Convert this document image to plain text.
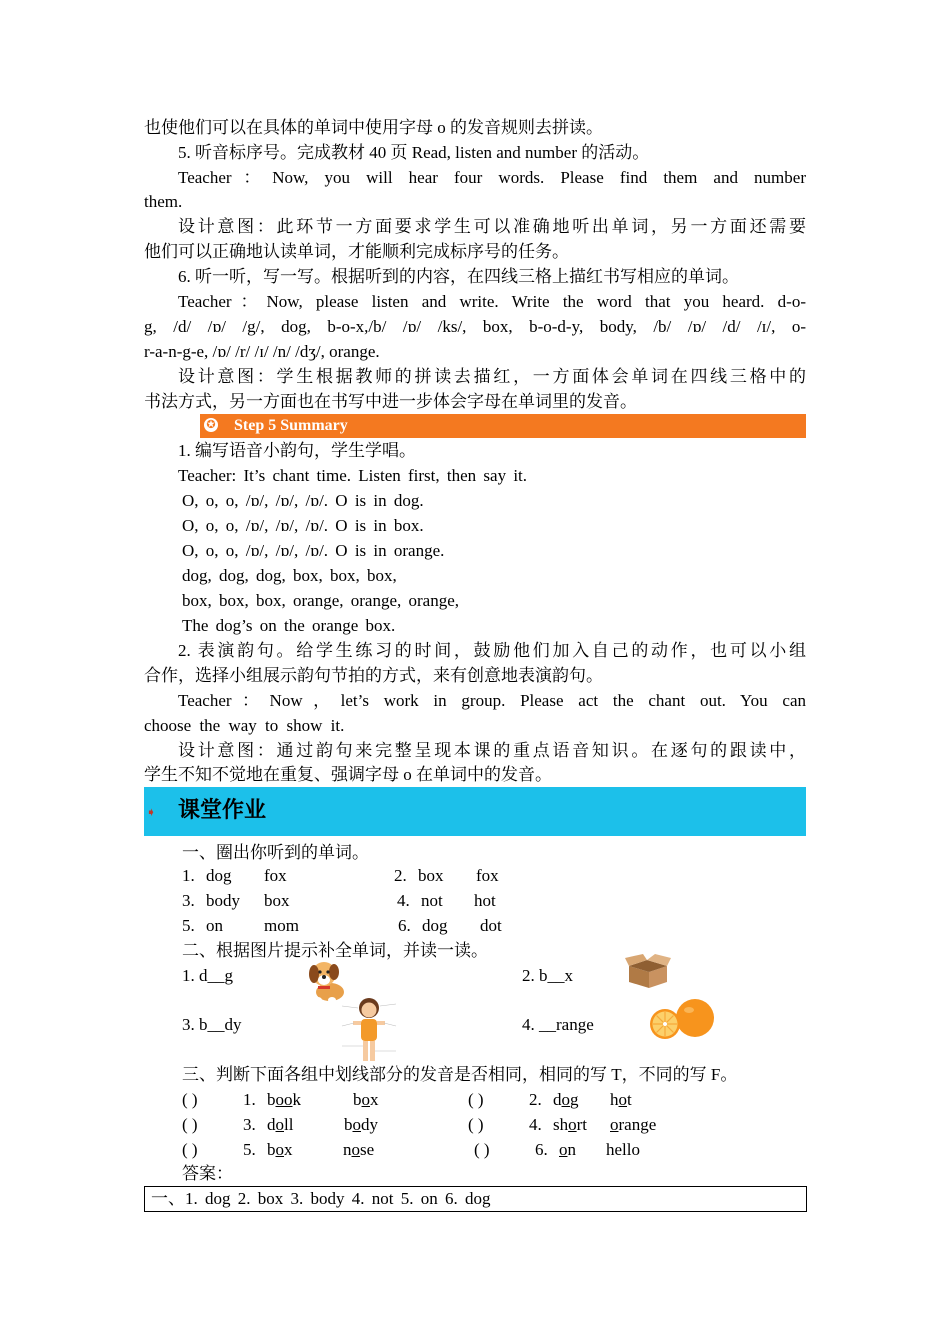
也使他们可以在具体的单词中使用字母 o 的发音规则去拼读。
5. 听音标序号。完成教材 40 页 Read, listen and number 的活动。
Teacher：Now, you will hear four words. Please find them and number
them.
设计意图：此环节一方面要求学生可以准确地听出单词，另一方面还需要
他们可以正确地认读单词，才能顺利完成标序号的任务。
6. 听一听，写一写。根据听到的内容，在四线三格上描红书写相应的单词。
Teacher：Now, please listen and write. Write the word that you heard. d-o-
g, /d/ /ɒ/ /g/, dog, b-o-x,/b/ /ɒ/ /ks/, box, b-o-d-y, body, /b/ /ɒ/ /d/ /ɪ/, o-
r-a-n-g-e, /ɒ/ /r/ /ɪ/ /n/ /dʒ/, orange.
设计意图：学生根据教师的拼读去描红，一方面体会单词在四线三格中的
书法方式，另一方面也在书写中进一步体会字母在单词里的发音。
✪ Step 5 Summary
1. 编写语音小韵句，学生学唱。
Teacher: It’s chant time. Listen first, then say it.
O, o, o, /ɒ/, /ɒ/, /ɒ/. O is in dog.
O, o, o, /ɒ/, /ɒ/, /ɒ/. O is in box.
O, o, o, /ɒ/, /ɒ/, /ɒ/. O is in orange.
dog, dog, dog, box, box, box,
box, box, box, orange, orange, orange,
The dog’s on the orange box.
2. 表演韵句。给学生练习的时间，鼓励他们加入自己的动作，也可以小组
合作，选择小组展示韵句节拍的方式，来有创意地表演韵句。
Teacher：Now，let’s work in group. Please act the chant out. You can
choose the way to show it.
设计意图：通过韵句来完整呈现本课的重点语音知识。在逐句的跟读中，
学生不知不觉地在重复、强调字母 o 在单词中的发音。
➧ 课堂作业
一、圈出你听到的单词。
1. dog fox	2. box fox
3. body box	4. not hot
5. on mom	6. dog dot
二、根据图片提示补全单词，并读一读。
1. d__g	2. b__x
3. b__dy	4. __range
三、判断下面各组中划线部分的发音是否相同，相同的写 T，不同的写 F。
( )	1. book	box	( )	2. dog hot
( )	3. doll	body	( )	4. short orange
( )	5. box	nose	( )	6. on hello
答案：
一、1. dog 2. box 3. body 4. not 5. on 6. dog
